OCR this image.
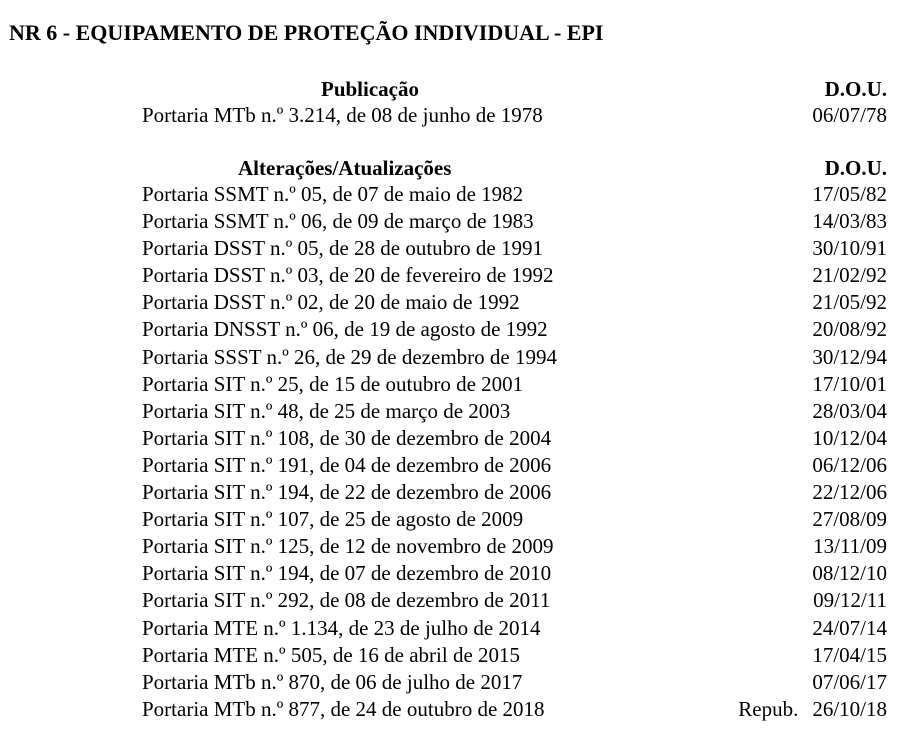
NR 6 - EQUIPAMENTO DE PROTEÇÃO INDIVIDUAL - EPI
Publicação	D.O.U.
Portaria MTb n.º 3.214, de 08 de junho de 1978	06/07/78
Alterações/Atualizações	D.O.U.
Portaria SSMT n.º 05, de 07 de maio de 1982	17/05/82
Portaria SSMT n.º 06, de 09 de março de 1983	14/03/83
Portaria DSST n.º 05, de 28 de outubro de 1991	30/10/91
Portaria DSST n.º 03, de 20 de fevereiro de 1992	21/02/92
Portaria DSST n.º 02, de 20 de maio de 1992	21/05/92
Portaria DNSST n.º 06, de 19 de agosto de 1992	20/08/92
Portaria SSST n.º 26, de 29 de dezembro de 1994	30/12/94
Portaria SIT n.º 25, de 15 de outubro de 2001	17/10/01
Portaria SIT n.º 48, de 25 de março de 2003	28/03/04
Portaria SIT n.º 108, de 30 de dezembro de 2004	10/12/04
Portaria SIT n.º 191, de 04 de dezembro de 2006	06/12/06
Portaria SIT n.º 194, de 22 de dezembro de 2006	22/12/06
Portaria SIT n.º 107, de 25 de agosto de 2009	27/08/09
Portaria SIT n.º 125, de 12 de novembro de 2009	13/11/09
Portaria SIT n.º 194, de 07 de dezembro de 2010	08/12/10
Portaria SIT n.º 292, de 08 de dezembro de 2011	09/12/11
Portaria MTE n.º 1.134, de 23 de julho de 2014	24/07/14
Portaria MTE n.º 505, de 16 de abril de 2015	17/04/15
Portaria MTb n.º 870, de 06 de julho de 2017	07/06/17
Portaria MTb n.º 877, de 24 de outubro de 2018	Repub. 26/10/18
